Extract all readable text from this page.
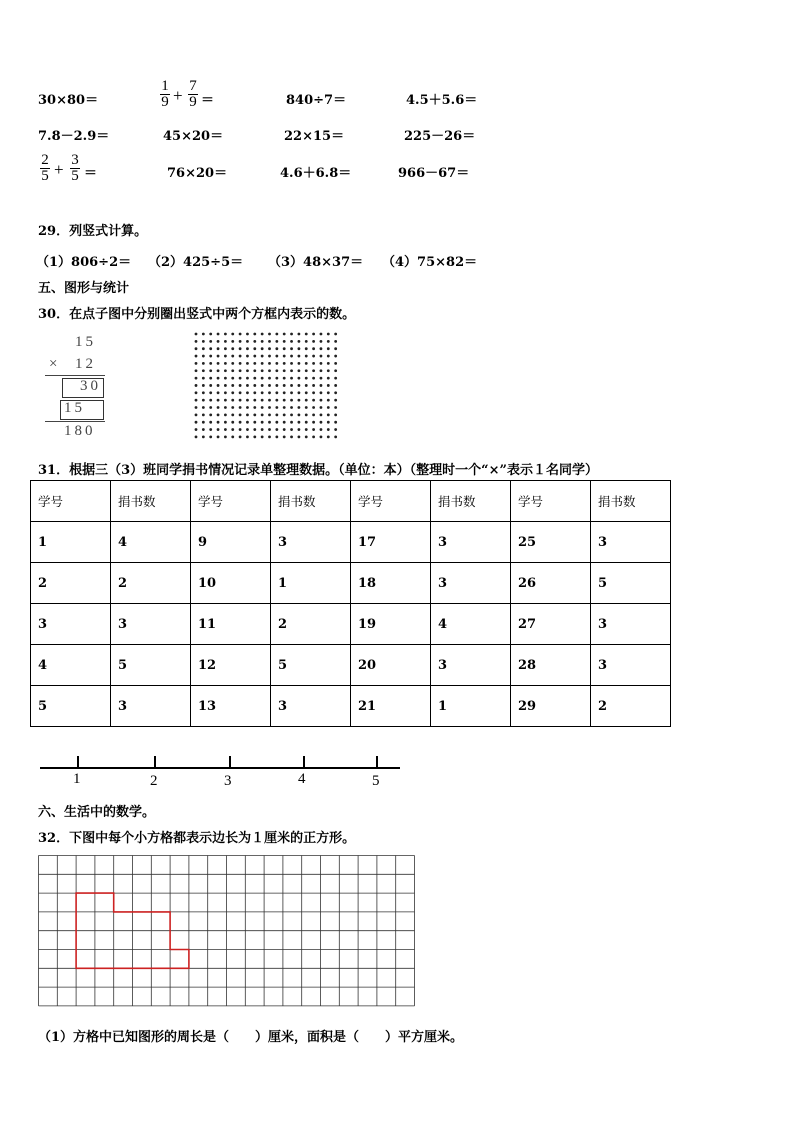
30×80＝	$\frac{1}{9} + \frac{7}{9}$ ＝	840÷7＝	4.5＋5.6＝
7.8－2.9＝	45×20＝	22×15＝	225－26＝
$\frac{2}{5} + \frac{3}{5}$ ＝	76×20＝	4.6＋6.8＝	966－67＝
29．列竖式计算。
（1）806÷2＝ （2）425÷5＝ （3）48×37＝ （4）75×82＝
五、图形与统计
30．在点子图中分别圈出竖式中两个方框内表示的数。
15
× 12
30
15
180
31．根据三（3）班同学捐书情况记录单整理数据。（单位：本）（整理时一个“×”表示１名同学）
学号	捐书数	学号	捐书数	学号	捐书数	学号	捐书数
1	4	9	3	17	3	25	3
2	2	10	1	18	3	26	5
3	3	11	2	19	4	27	3
4	5	12	5	20	3	28	3
5	3	13	3	21	1	29	2
1	2	3	4	5
六、生活中的数学。
32．下图中每个小方格都表示边长为１厘米的正方形。
（1）方格中已知图形的周长是（　　）厘米，面积是（　　）平方厘米。
